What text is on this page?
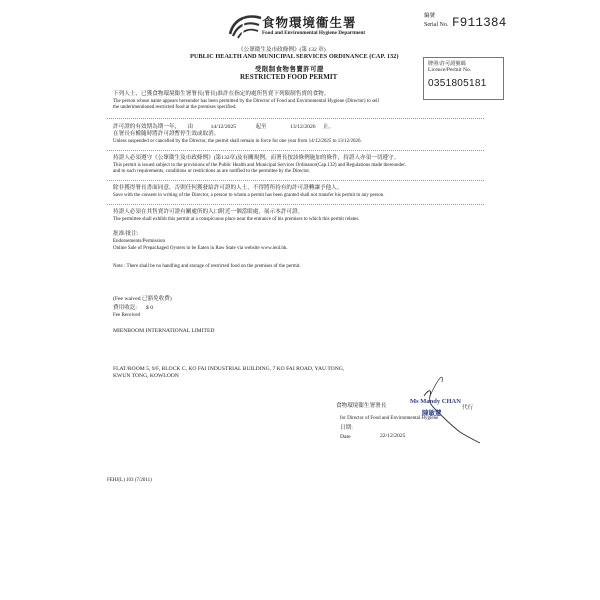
食物環境衞生署
Food and Environmental Hygiene Department
編號
Serial No. F911384
《公眾衞生及市政條例》(第 132 章)
PUBLIC HEALTH AND MUNICIPAL SERVICES ORDINANCE (CAP. 132)
受限制食物售賣許可證
RESTRICTED FOOD PERMIT
牌照/許可證號碼
Licence/Permit No.
0351805181
下列人士，已獲食物環境衞生署署長(署長)准許在指定的處所售賣下列限制售賣的食物。
The person whose name appears hereunder has been permitted by the Director of Food and Environmental Hygiene (Director) to sell
the underimentioned restricted food at the premises specified.
許可證的有效期為期一年， 由	14/12/2025	起至	13/12/2026 止。
在署長有權隨時將許可證暫停生效或取消。
Unless suspended or cancelled by the Director, the permit shall remain in force for one year from 14/12/2025 to 13/12/2026.
持證人必須遵守《公眾衞生及市政條例》(第132章)及有關規例，而署長按該條例施加的條件，持證人亦須一切遵守。
This permit is issued subject to the provisions of the Public Health and Municipal Services Ordinance(Cap.132) and Regulations made thereunder.
and to such requirements, conditions or restrictions as are notified to the permittee by the Director.
除非獲得署長書面同意，否則任何獲發給許可證的人士，不得將所持有的許可證轉讓予他人。
Save with the consent in writing of the Director, a person to whom a permit has been granted shall not transfer his permit to any person.
持證人必須在其售賣許可證有關處所的入口附近一個當眼處，展示本許可證。
The permittee shall exhibit this permit at a conspicuous place near the entrance of his premises to which this permit relates.
批准/批注:
Endorsements/Permission
Online Sale of Prepackaged Oysters to be Eaten in Raw State via website www.ienl.hk.
Note : There shall be no handling and storage of restricted food on the premises of the permit.
(Fee waived 已豁免收費)
費用收訖: $ 0
Fee Received
MIENBOOM INTERNATIONAL LIMITED
FLAT/ROOM 5, 9/F, BLOCK C, KO FAI INDUSTRIAL BUILDING, 7 KO FAI ROAD, YAU TONG,
KWUN TONG, KOWLOON
食物環境衞生署署長
Ms Mandy CHAN
代行
陳敏慧
for Director of Food and Environmental Hygiene
日期:
Date	22/12/2025
FEHJ(L) 103 (7/2011)
